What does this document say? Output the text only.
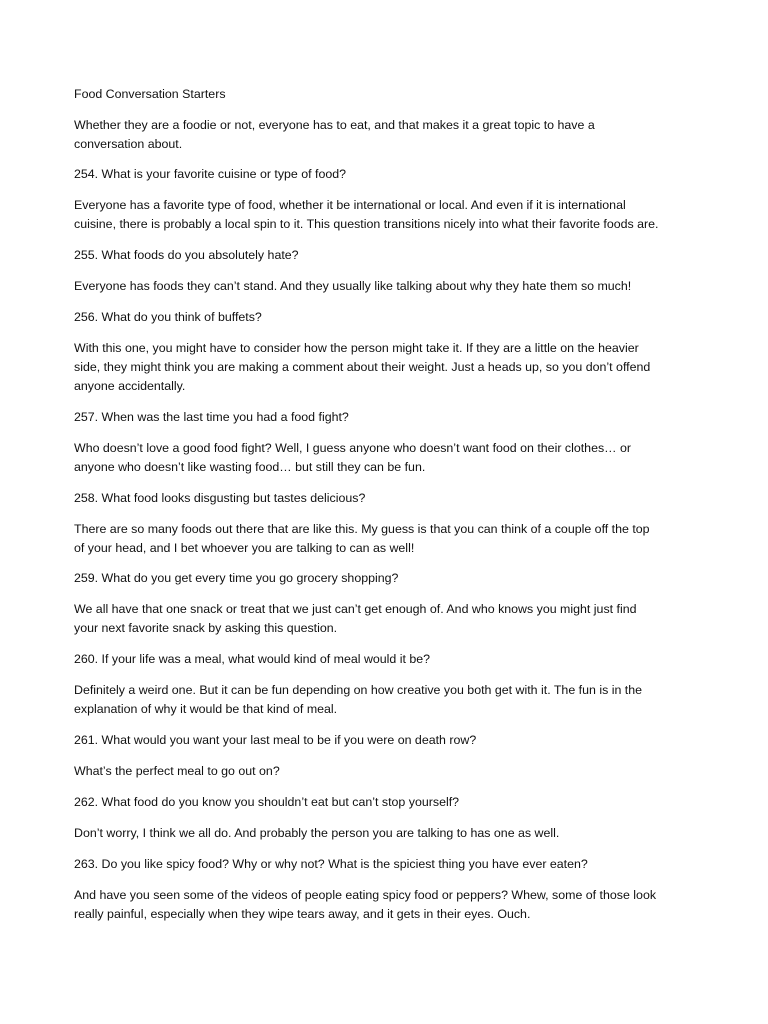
Food Conversation Starters
Whether they are a foodie or not, everyone has to eat, and that makes it a great topic to have a
conversation about.
254. What is your favorite cuisine or type of food?
Everyone has a favorite type of food, whether it be international or local. And even if it is international
cuisine, there is probably a local spin to it. This question transitions nicely into what their favorite foods are.
255. What foods do you absolutely hate?
Everyone has foods they can’t stand. And they usually like talking about why they hate them so much!
256. What do you think of buffets?
With this one, you might have to consider how the person might take it. If they are a little on the heavier
side, they might think you are making a comment about their weight. Just a heads up, so you don’t offend
anyone accidentally.
257. When was the last time you had a food fight?
Who doesn’t love a good food fight? Well, I guess anyone who doesn’t want food on their clothes… or
anyone who doesn’t like wasting food… but still they can be fun.
258. What food looks disgusting but tastes delicious?
There are so many foods out there that are like this. My guess is that you can think of a couple off the top
of your head, and I bet whoever you are talking to can as well!
259. What do you get every time you go grocery shopping?
We all have that one snack or treat that we just can’t get enough of. And who knows you might just find
your next favorite snack by asking this question.
260. If your life was a meal, what would kind of meal would it be?
Definitely a weird one. But it can be fun depending on how creative you both get with it. The fun is in the
explanation of why it would be that kind of meal.
261. What would you want your last meal to be if you were on death row?
What’s the perfect meal to go out on?
262. What food do you know you shouldn’t eat but can’t stop yourself?
Don’t worry, I think we all do. And probably the person you are talking to has one as well.
263. Do you like spicy food? Why or why not? What is the spiciest thing you have ever eaten?
And have you seen some of the videos of people eating spicy food or peppers? Whew, some of those look
really painful, especially when they wipe tears away, and it gets in their eyes. Ouch.
